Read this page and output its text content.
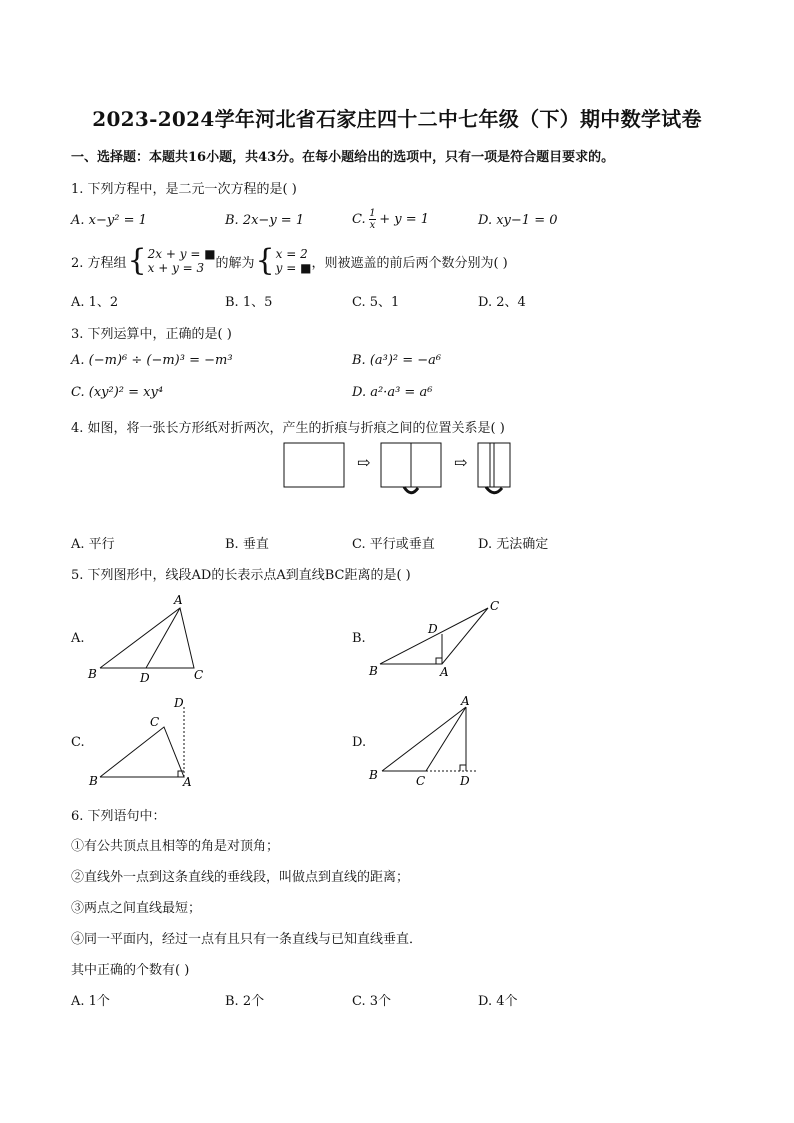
2023-2024学年河北省石家庄四十二中七年级（下）期中数学试卷
一、选择题：本题共16小题，共43分。在每小题给出的选项中，只有一项是符合题目要求的。
1. 下列方程中，是二元一次方程的是( )
A. x−y² = 1	B. 2x−y = 1	C. $\frac{1}{x} + y = 1$	D. xy−1 = 0
2. 方程组 { 2x + y = ■
x + y = 3 的解为 { x = 2
y = ■ ，则被遮盖的前后两个数分别为( )
A. 1、2	B. 1、5	C. 5、1	D. 2、4
3. 下列运算中，正确的是( )
A. (−m)⁶ ÷ (−m)³ = −m³	B. (a³)² = −a⁶
C. (xy²)² = xy⁴	D. a²·a³ = a⁶
4. 如图，将一张长方形纸对折两次，产生的折痕与折痕之间的位置关系是( )
⇨	⇨
A. 平行	B. 垂直	C. 平行或垂直	D. 无法确定
5. 下列图形中，线段AD的长表示点A到直线BC距离的是( )
A.
A
B	D	C
B.
C
D
B	A
C.
D
C
B	A
D.
A
B	C	D
6. 下列语句中：
①有公共顶点且相等的角是对顶角；
②直线外一点到这条直线的垂线段，叫做点到直线的距离；
③两点之间直线最短；
④同一平面内，经过一点有且只有一条直线与已知直线垂直．
其中正确的个数有( )
A. 1个	B. 2个	C. 3个	D. 4个
